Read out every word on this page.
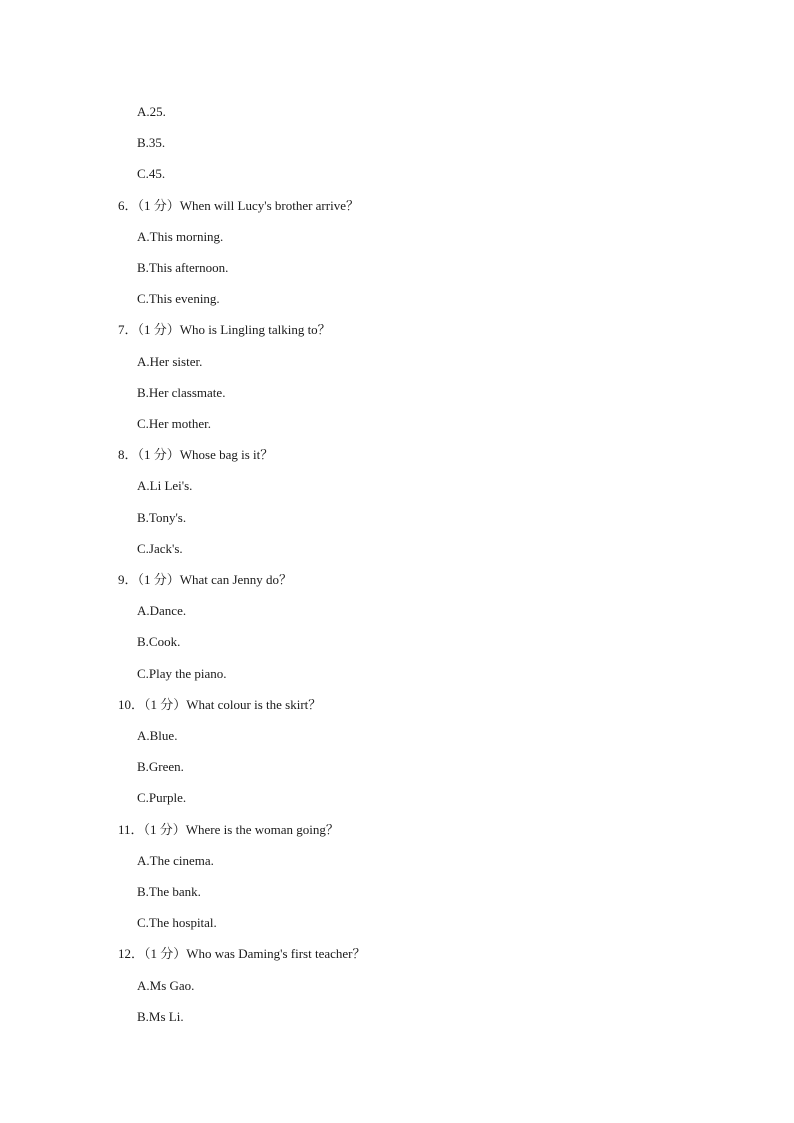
A.25.
B.35.
C.45.
6．（1 分）When will Lucy's brother arrive？
A.This morning.
B.This afternoon.
C.This evening.
7．（1 分）Who is Lingling talking to？
A.Her sister.
B.Her classmate.
C.Her mother.
8．（1 分）Whose bag is it？
A.Li Lei's.
B.Tony's.
C.Jack's.
9．（1 分）What can Jenny do？
A.Dance.
B.Cook.
C.Play the piano.
10．（1 分）What colour is the skirt？
A.Blue.
B.Green.
C.Purple.
11．（1 分）Where is the woman going？
A.The cinema.
B.The bank.
C.The hospital.
12．（1 分）Who was Daming's first teacher？
A.Ms Gao.
B.Ms Li.
